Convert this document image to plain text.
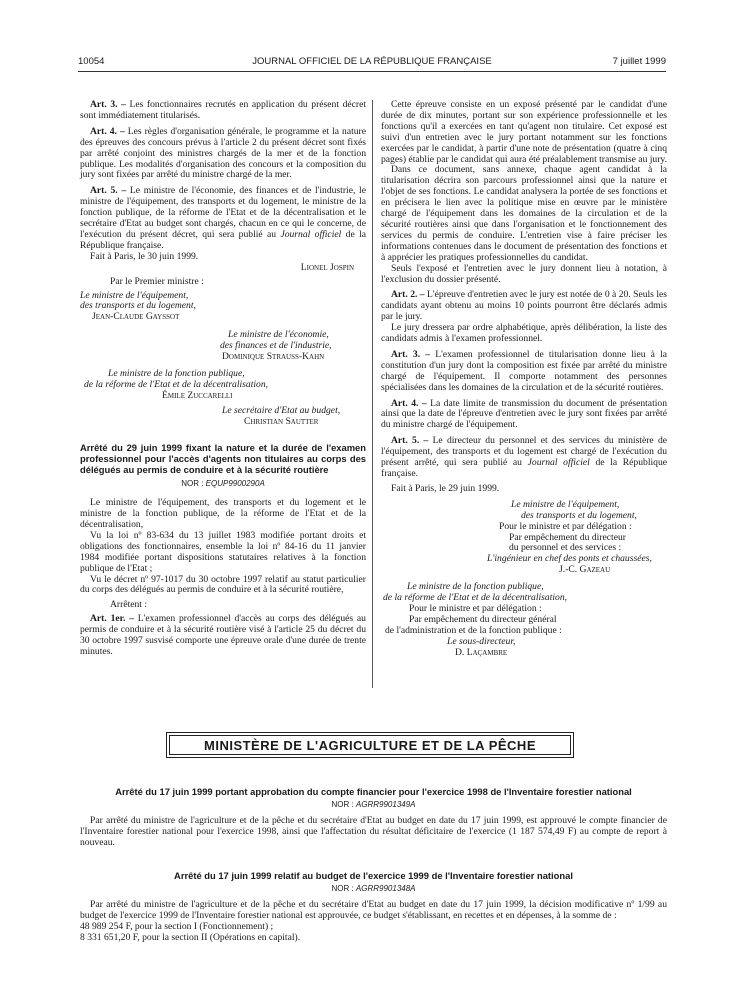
10054	JOURNAL OFFICIEL DE LA RÉPUBLIQUE FRANÇAISE	7 juillet 1999

Art. 3. – Les fonctionnaires recrutés en application du présent décret sont immédiatement titularisés.

Art. 4. – Les règles d'organisation générale, le programme et la nature des épreuves des concours prévus à l'article 2 du présent décret sont fixés par arrêté conjoint des ministres chargés de la mer et de la fonction publique. Les modalités d'organisation des concours et la composition du jury sont fixées par arrêté du ministre chargé de la mer.

Art. 5. – Le ministre de l'économie, des finances et de l'industrie, le ministre de l'équipement, des transports et du logement, le ministre de la fonction publique, de la réforme de l'Etat et de la décentralisation et le secrétaire d'Etat au budget sont chargés, chacun en ce qui le concerne, de l'exécution du présent décret, qui sera publié au Journal officiel de la République française.

Fait à Paris, le 30 juin 1999.

Lionel Jospin

Par le Premier ministre :

Le ministre de l'équipement,

des transports et du logement,

Jean-Claude Gayssot

Le ministre de l'économie,

des finances et de l'industrie,

Dominique Strauss-Kahn

Le ministre de la fonction publique,

de la réforme de l'Etat et de la décentralisation,

Émile Zuccarelli

Le secrétaire d'Etat au budget,

Christian Sautter

Arrêté du 29 juin 1999 fixant la nature et la durée de l'examen professionnel pour l'accès d'agents non titulaires au corps des délégués au permis de conduire et à la sécurité routière

NOR : EQUP9900290A

Le ministre de l'équipement, des transports et du logement et le ministre de la fonction publique, de la réforme de l'Etat et de la décentralisation,

Vu la loi nº 83-634 du 13 juillet 1983 modifiée portant droits et obligations des fonctionnaires, ensemble la loi nº 84-16 du 11 janvier 1984 modifiée portant dispositions statutaires relatives à la fonction publique de l'Etat ;

Vu le décret nº 97-1017 du 30 octobre 1997 relatif au statut particulier du corps des délégués au permis de conduire et à la sécurité routière,

Arrêtent :

Art. 1er. – L'examen professionnel d'accès au corps des délégués au permis de conduire et à la sécurité routière visé à l'article 25 du décret du 30 octobre 1997 susvisé comporte une épreuve orale d'une durée de trente minutes.

Cette épreuve consiste en un exposé présenté par le candidat d'une durée de dix minutes, portant sur son expérience professionnelle et les fonctions qu'il a exercées en tant qu'agent non titulaire. Cet exposé est suivi d'un entretien avec le jury portant notamment sur les fonctions exercées par le candidat, à partir d'une note de présentation (quatre à cinq pages) établie par le candidat qui aura été préalablement transmise au jury.

Dans ce document, sans annexe, chaque agent candidat à la titularisation décrira son parcours professionnel ainsi que la nature et l'objet de ses fonctions. Le candidat analysera la portée de ses fonctions et en précisera le lien avec la politique mise en œuvre par le ministère chargé de l'équipement dans les domaines de la circulation et de la sécurité routières ainsi que dans l'organisation et le fonctionnement des services du permis de conduire. L'entretien vise à faire préciser les informations contenues dans le document de présentation des fonctions et à apprécier les pratiques professionnelles du candidat.

Seuls l'exposé et l'entretien avec le jury donnent lieu à notation, à l'exclusion du dossier présenté.

Art. 2. – L'épreuve d'entretien avec le jury est notée de 0 à 20. Seuls les candidats ayant obtenu au moins 10 points pourront être déclarés admis par le jury.

Le jury dressera par ordre alphabétique, après délibération, la liste des candidats admis à l'examen professionnel.

Art. 3. – L'examen professionnel de titularisation donne lieu à la constitution d'un jury dont la composition est fixée par arrêté du ministre chargé de l'équipement. Il comporte notamment des personnes spécialisées dans les domaines de la circulation et de la sécurité routières.

Art. 4. – La date limite de transmission du document de présentation ainsi que la date de l'épreuve d'entretien avec le jury sont fixées par arrêté du ministre chargé de l'équipement.

Art. 5. – Le directeur du personnel et des services du ministère de l'équipement, des transports et du logement est chargé de l'exécution du présent arrêté, qui sera publié au Journal officiel de la République française.

Fait à Paris, le 29 juin 1999.

Le ministre de l'équipement,

des transports et du logement,

Pour le ministre et par délégation :

Par empêchement du directeur

du personnel et des services :

L'ingénieur en chef des ponts et chaussées,

J.-C. Gazeau

Le ministre de la fonction publique,

de la réforme de l'Etat et de la décentralisation,

Pour le ministre et par délégation :

Par empêchement du directeur général

de l'administration et de la fonction publique :

Le sous-directeur,

D. Laçambre

MINISTÈRE DE L'AGRICULTURE ET DE LA PÊCHE

Arrêté du 17 juin 1999 portant approbation du compte financier pour l'exercice 1998 de l'Inventaire forestier national

NOR : AGRR9901349A

Par arrêté du ministre de l'agriculture et de la pêche et du secrétaire d'Etat au budget en date du 17 juin 1999, est approuvé le compte financier de l'Inventaire forestier national pour l'exercice 1998, ainsi que l'affectation du résultat déficitaire de l'exercice (1 187 574,49 F) au compte de report à nouveau.

Arrêté du 17 juin 1999 relatif au budget de l'exercice 1999 de l'Inventaire forestier national

NOR : AGRR9901348A

Par arrêté du ministre de l'agriculture et de la pêche et du secrétaire d'Etat au budget en date du 17 juin 1999, la décision modificative nº 1/99 au budget de l'exercice 1999 de l'Inventaire forestier national est approuvée, ce budget s'établissant, en recettes et en dépenses, à la somme de :

48 989 254 F, pour la section I (Fonctionnement) ;

8 331 651,20 F, pour la section II (Opérations en capital).
